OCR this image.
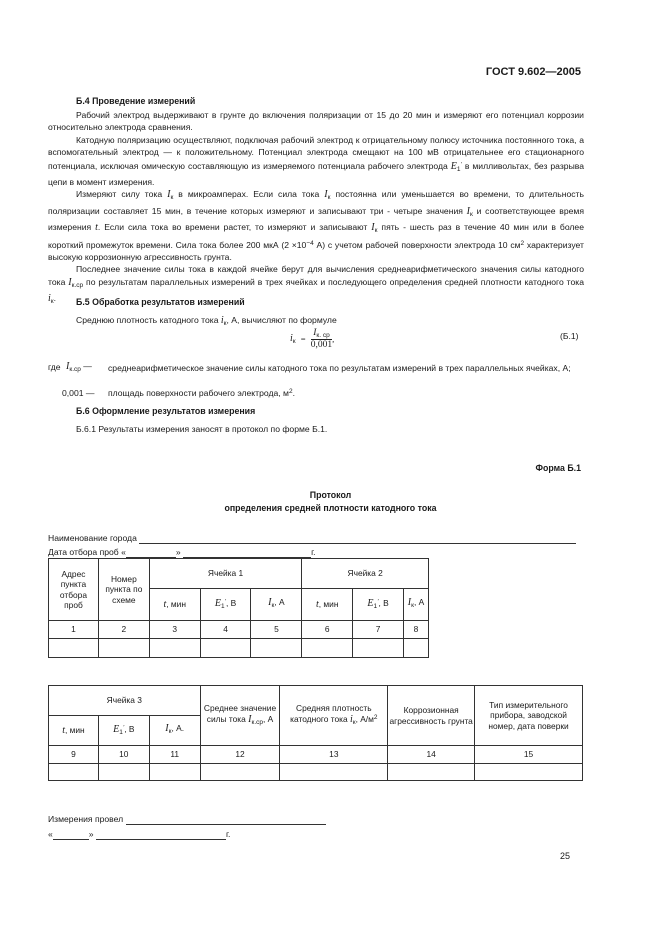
ГОСТ 9.602—2005
Б.4 Проведение измерений

Рабочий электрод выдерживают в грунте до включения поляризации от 15 до 20 мин и измеряют его потенциал коррозии относительно электрода сравнения.

Катодную поляризацию осуществляют, подключая рабочий электрод к отрицательному полюсу источника постоянного тока, а вспомогательный электрод — к положительному. Потенциал электрода смещают на 100 мВ отрицательнее его стационарного потенциала, исключая омическую составляющую из измеряемого потенциала рабочего электрода $E_1'$ в милливольтах, без разрыва цепи в момент измерения.

Измеряют силу тока $I_к$ в микроамперах. Если сила тока $I_к$ постоянна или уменьшается во времени, то длительность поляризации составляет 15 мин, в течение которых измеряют и записывают три - четыре значения $I_к$ и соответствующее время измерения t. Если сила тока во времени растет, то измеряют и записывают $I_к$ пять - шесть раз в течение 40 мин или в более короткий промежуток времени. Сила тока более 200 мкА ($2 \times 10^{-4}$ А) с учетом рабочей поверхности электрода 10 $см^2$ характеризует высокую коррозионную агрессивность грунта.

Последнее значение силы тока в каждой ячейке берут для вычисления среднеарифметического значения силы катодного тока $I_{к.ср}$ по результатам параллельных измерений в трех ячейках и последующего определения средней плотности катодного тока $i_к$.	Б.5 Обработка результатов измерений
Среднюю плотность катодного тока $i_к$, А, вычисляют по формуле
$i_к = \frac{I_{к. ср}}{0,001}$ ,	(Б.1)
где $I_{к.ср}$ — среднеарифметическое значение силы катодного тока по результатам измерений в трех параллельных ячейках, А;
0,001 — площадь поверхности рабочего электрода, $м^2$.
Б.6 Оформление результатов измерения
Б.6.1 Результаты измерения заносят в протокол по форме Б.1.
Форма Б.1
Протокол
определения средней плотности катодного тока
Наименование города
Дата отбора проб «	»	г.
Адрес пункта отбора проб	Номер пункта по схеме	Ячейка 1			Ячейка 2		
		t, мин	$E_1'$, В	$I_к$, А	t, мин	$E_1'$, В	$I_к$, А
1	2	3	4	5	6	7	8

Ячейка 3			Среднее значение силы тока $I_{к.ср}$, А	Средняя плотность катодного тока $i_к$, $А/м^2$	Коррозионная агрессивность грунта	Тип измерительного прибора, заводской номер, дата поверки
t, мин	$E_1'$, В	$I_к$, А.				
9	10	11	12	13	14	15

Измерения провел
«	»	г.
25
